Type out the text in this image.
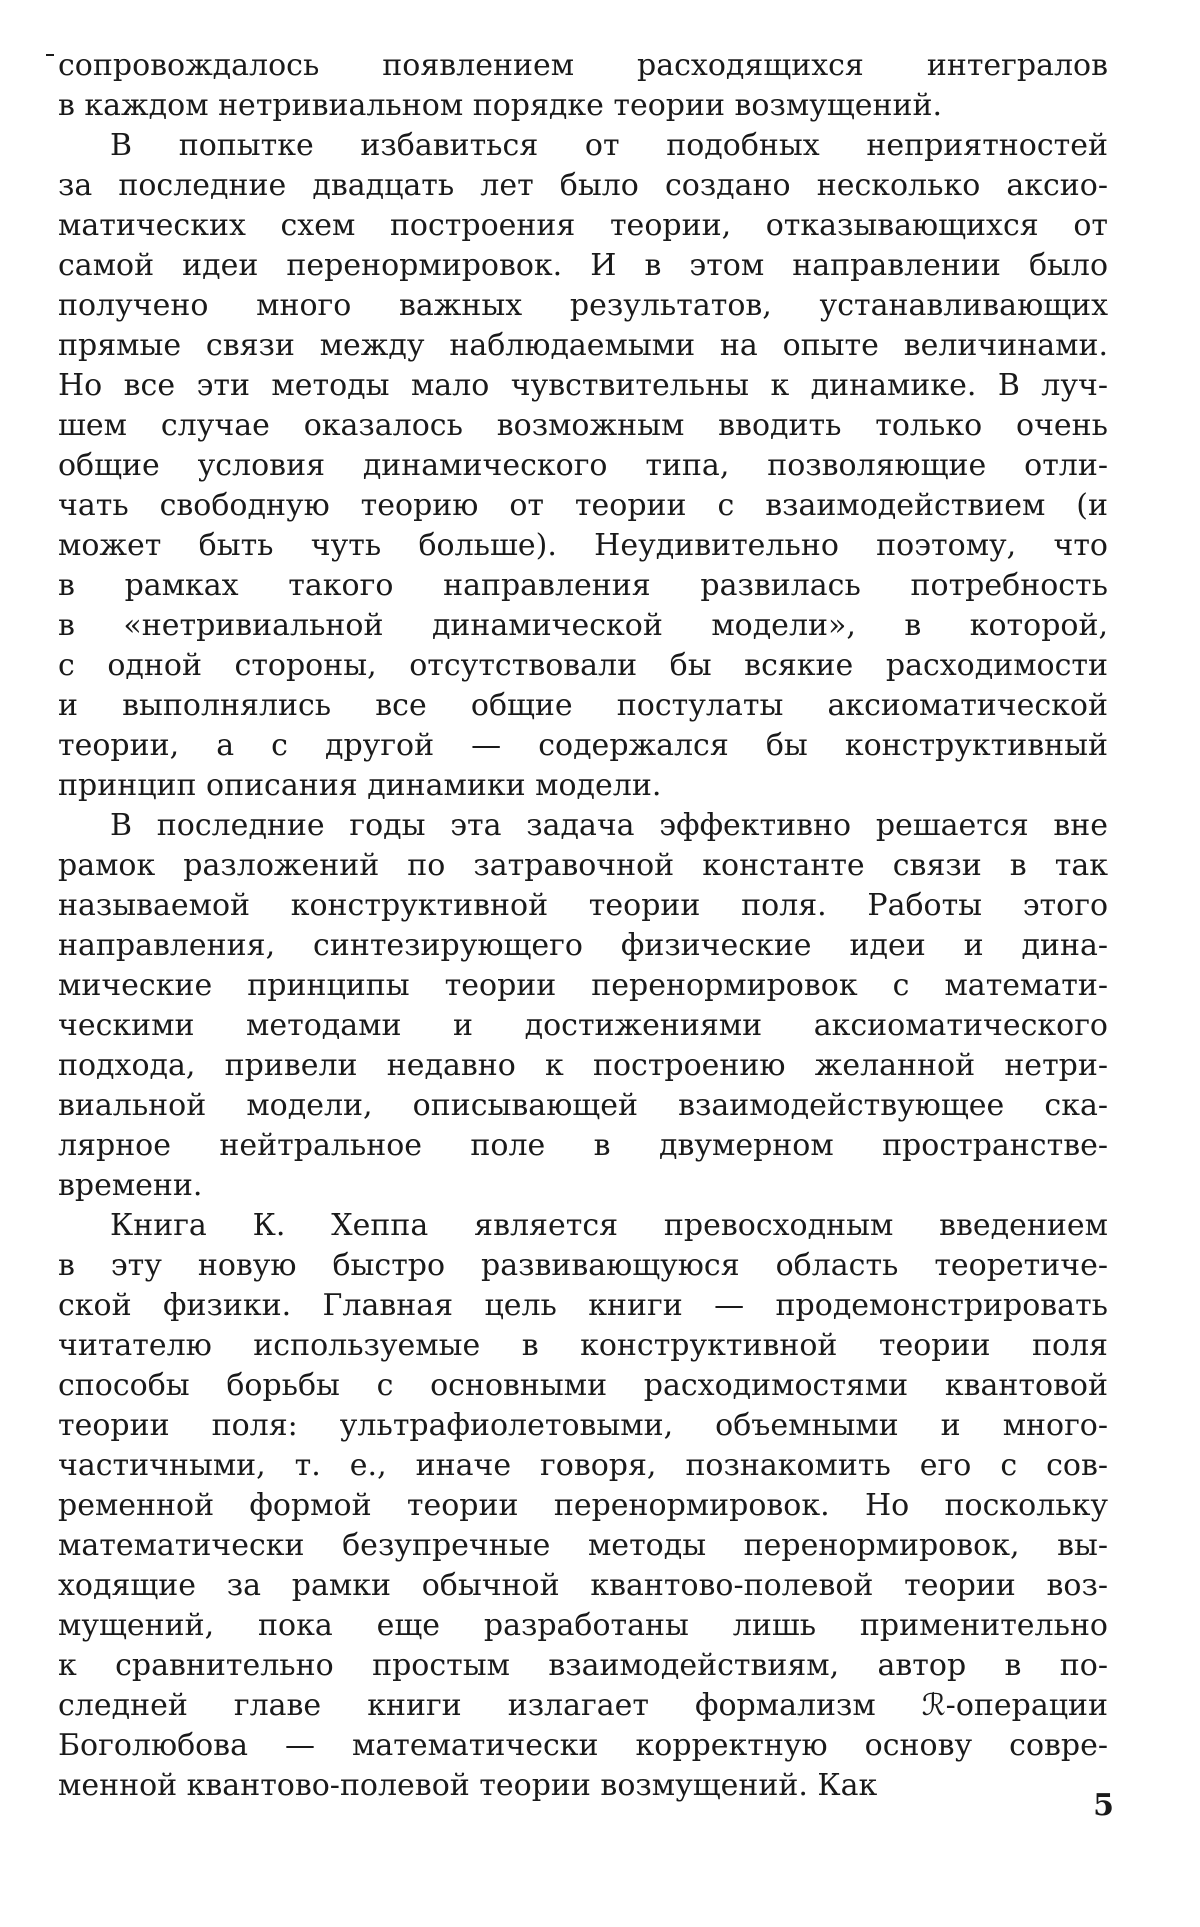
сопровождалось появлением расходящихся интегралов
в каждом нетривиальном порядке теории возмущений.
В попытке избавиться от подобных неприятностей
за последние двадцать лет было создано несколько аксио-
матических схем построения теории, отказывающихся от
самой идеи перенормировок. И в этом направлении было
получено много важных результатов, устанавливающих
прямые связи между наблюдаемыми на опыте величинами.
Но все эти методы мало чувствительны к динамике. В луч-
шем случае оказалось возможным вводить только очень
общие условия динамического типа, позволяющие отли-
чать свободную теорию от теории с взаимодействием (и
может быть чуть больше). Неудивительно поэтому, что
в рамках такого направления развилась потребность
в «нетривиальной динамической модели», в которой,
с одной стороны, отсутствовали бы всякие расходимости
и выполнялись все общие постулаты аксиоматической
теории, а с другой — содержался бы конструктивный
принцип описания динамики модели.
В последние годы эта задача эффективно решается вне
рамок разложений по затравочной константе связи в так
называемой конструктивной теории поля. Работы этого
направления, синтезирующего физические идеи и дина-
мические принципы теории перенормировок с математи-
ческими методами и достижениями аксиоматического
подхода, привели недавно к построению желанной нетри-
виальной модели, описывающей взаимодействующее ска-
лярное нейтральное поле в двумерном пространстве-
времени.
Книга К. Хеппа является превосходным введением
в эту новую быстро развивающуюся область теоретиче-
ской физики. Главная цель книги — продемонстрировать
читателю используемые в конструктивной теории поля
способы борьбы с основными расходимостями квантовой
теории поля: ультрафиолетовыми, объемными и много-
частичными, т. е., иначе говоря, познакомить его с сов-
ременной формой теории перенормировок. Но поскольку
математически безупречные методы перенормировок, вы-
ходящие за рамки обычной квантово-полевой теории воз-
мущений, пока еще разработаны лишь применительно
к сравнительно простым взаимодействиям, автор в по-
следней главе книги излагает формализм ℛ-операции
Боголюбова — математически корректную основу совре-
менной квантово-полевой теории возмущений. Как
5
